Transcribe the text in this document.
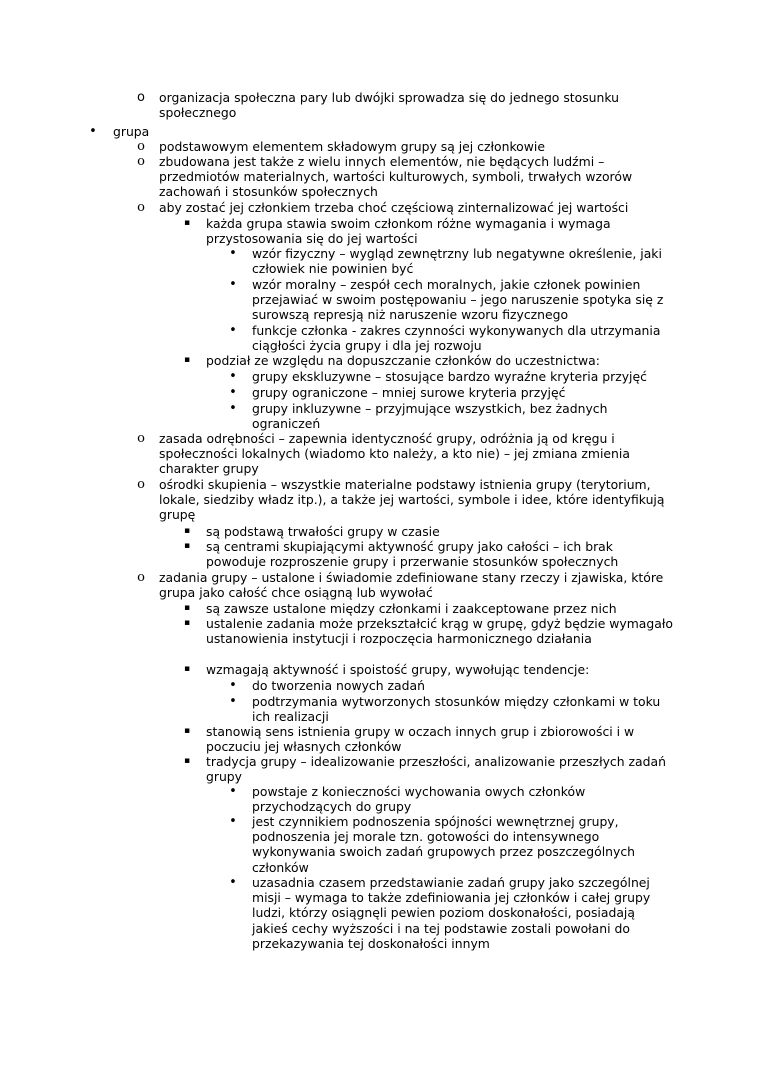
o organizacja społeczna pary lub dwójki sprowadza się do jednego stosunku społecznego
• grupa
o podstawowym elementem składowym grupy są jej członkowie
o zbudowana jest także z wielu innych elementów, nie będących ludźmi – przedmiotów materialnych, wartości kulturowych, symboli, trwałych wzorów zachowań i stosunków społecznych
o aby zostać jej członkiem trzeba choć częściową zinternalizować jej wartości
▪	każda grupa stawia swoim członkom różne wymagania i wymaga przystosowania się do jej wartości
• wzór fizyczny – wygląd zewnętrzny lub negatywne określenie, jaki człowiek nie powinien być
• wzór moralny – zespół cech moralnych, jakie członek powinien przejawiać w swoim postępowaniu – jego naruszenie spotyka się z surowszą represją niż naruszenie wzoru fizycznego
• funkcje członka - zakres czynności wykonywanych dla utrzymania ciągłości życia grupy i dla jej rozwoju
▪	podział ze względu na dopuszczanie członków do uczestnictwa:
• grupy ekskluzywne – stosujące bardzo wyraźne kryteria przyjęć
• grupy ograniczone – mniej surowe kryteria przyjęć
• grupy inkluzywne – przyjmujące wszystkich, bez żadnych ograniczeń
o zasada odrębności – zapewnia identyczność grupy, odróżnia ją od kręgu i społeczności lokalnych (wiadomo kto należy, a kto nie) – jej zmiana zmienia charakter grupy
o ośrodki skupienia – wszystkie materialne podstawy istnienia grupy (terytorium, lokale, siedziby władz itp.), a także jej wartości, symbole i idee, które identyfikują grupę
▪	są podstawą trwałości grupy w czasie
▪	są centrami skupiającymi aktywność grupy jako całości – ich brak powoduje rozproszenie grupy i przerwanie stosunków społecznych
o zadania grupy – ustalone i świadomie zdefiniowane stany rzeczy i zjawiska, które grupa jako całość chce osiągną lub wywołać
▪	są zawsze ustalone między członkami i zaakceptowane przez nich
▪	ustalenie zadania może przekształcić krąg w grupę, gdyż będzie wymagało ustanowienia instytucji i rozpoczęcia harmonicznego działania
▪	wzmagają aktywność i spoistość grupy, wywołując tendencje:
• do tworzenia nowych zadań
• podtrzymania wytworzonych stosunków między członkami w toku ich realizacji
▪	stanowią sens istnienia grupy w oczach innych grup i zbiorowości i w poczuciu jej własnych członków
▪	tradycja grupy – idealizowanie przeszłości, analizowanie przeszłych zadań grupy
• powstaje z konieczności wychowania owych członków przychodzących do grupy
• jest czynnikiem podnoszenia spójności wewnętrznej grupy, podnoszenia jej morale tzn. gotowości do intensywnego wykonywania swoich zadań grupowych przez poszczególnych członków
• uzasadnia czasem przedstawianie zadań grupy jako szczególnej misji – wymaga to także zdefiniowania jej członków i całej grupy ludzi, którzy osiągnęli pewien poziom doskonałości, posiadają jakieś cechy wyższości i na tej podstawie zostali powołani do przekazywania tej doskonałości innym
